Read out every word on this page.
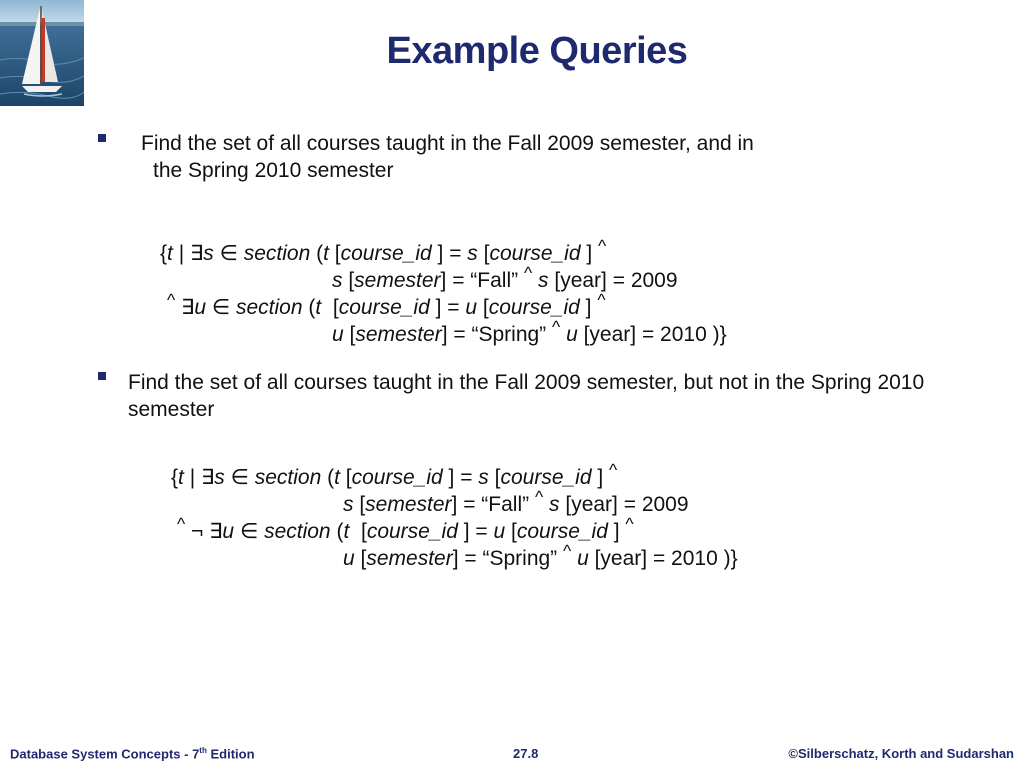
Example Queries
Find the set of all courses taught in the Fall 2009 semester, and in
the Spring 2010 semester
{t | ∃s ∈ section (t [course_id ] = s [course_id ] ^
s [semester] = “Fall” ^ s [year] = 2009
^ ∃u ∈ section (t  [course_id ] = u [course_id ] ^
u [semester] = “Spring” ^ u [year] = 2010 )}
Find the set of all courses taught in the Fall 2009 semester, but not in the Spring 2010
semester
{t | ∃s ∈ section (t [course_id ] = s [course_id ] ^
s [semester] = “Fall” ^ s [year] = 2009
^ ¬ ∃u ∈ section (t  [course_id ] = u [course_id ] ^
u [semester] = “Spring” ^ u [year] = 2010 )}
Database System Concepts - 7th Edition	27.8	©Silberschatz, Korth and Sudarshan
